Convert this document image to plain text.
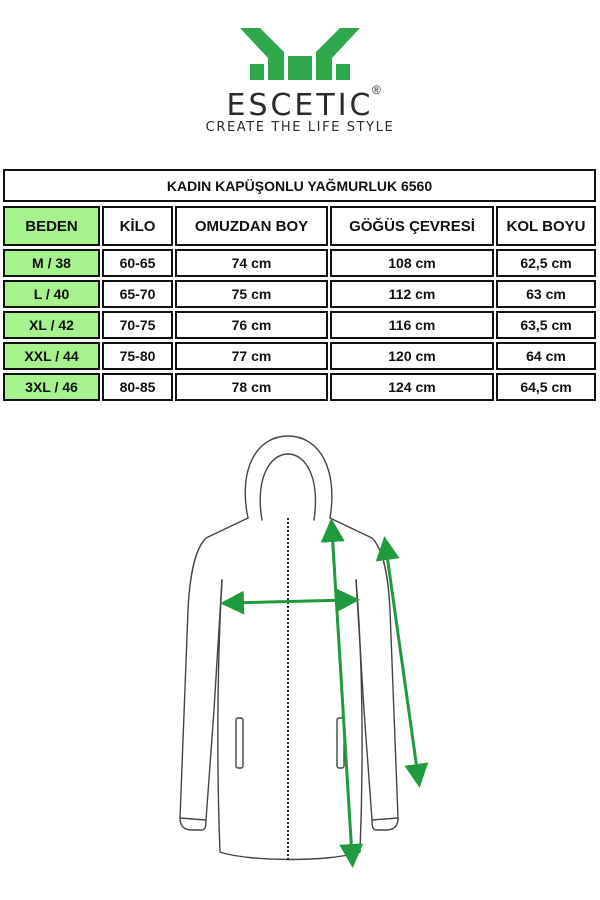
ESCETIC
®
CREATE THE LIFE STYLE
KADIN KAPÜŞONLU YAĞMURLUK 6560
BEDEN	KİLO	OMUZDAN BOY	GÖĞÜS ÇEVRESİ	KOL BOYU
M / 38	60-65	74 cm	108 cm	62,5 cm
L / 40	65-70	75 cm	112 cm	63 cm
XL / 42	70-75	76 cm	116 cm	63,5 cm
XXL / 44	75-80	77 cm	120 cm	64 cm
3XL / 46	80-85	78 cm	124 cm	64,5 cm
